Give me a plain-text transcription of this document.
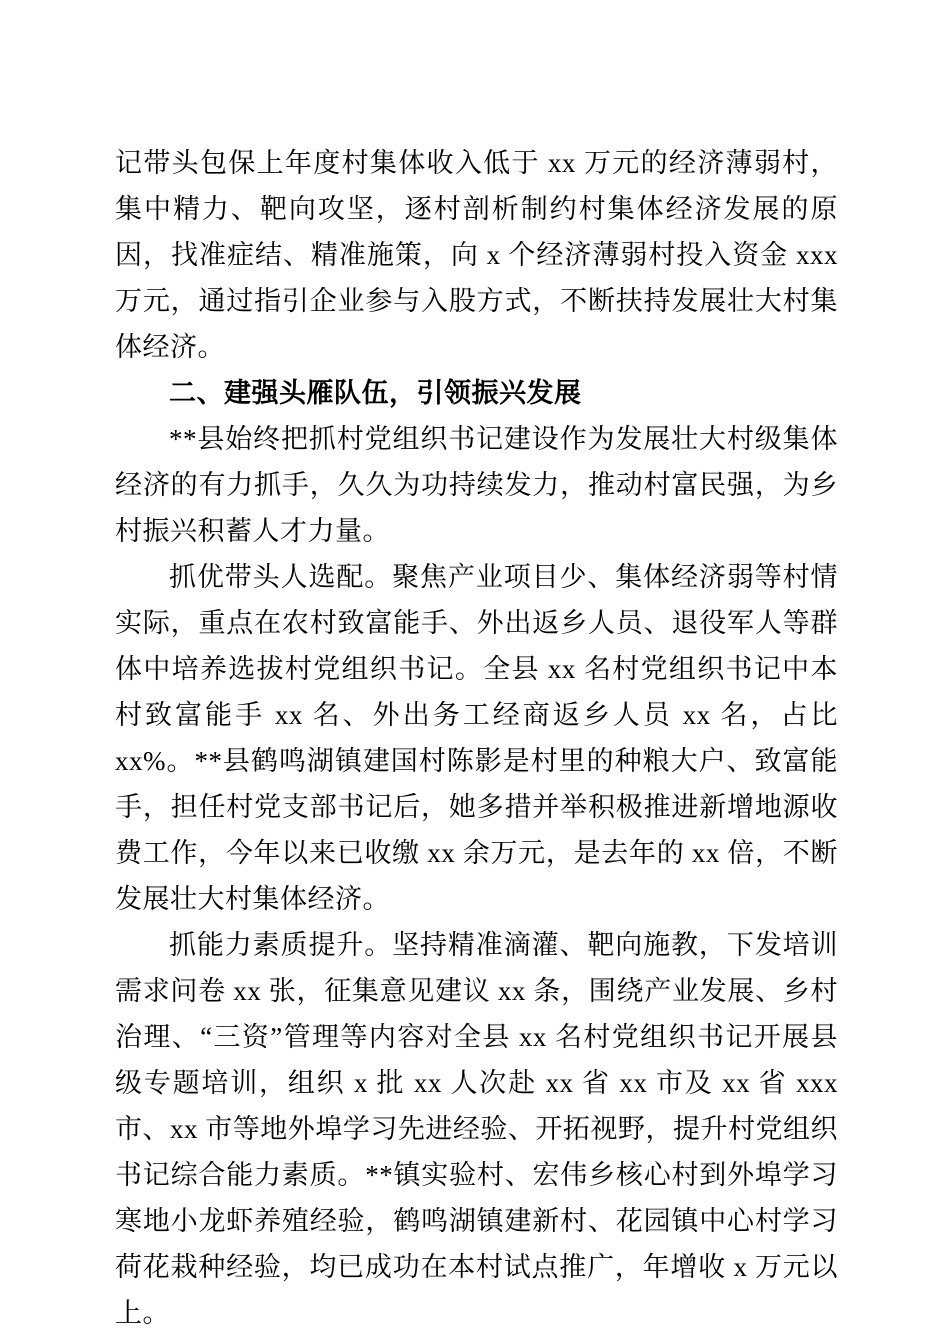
记带头包保上年度村集体收入低于 xx 万元的经济薄弱村，集中精力、靶向攻坚，逐村剖析制约村集体经济发展的原因，找准症结、精准施策，向 x 个经济薄弱村投入资金 xxx 万元，通过指引企业参与入股方式，不断扶持发展壮大村集体经济。

二、建强头雁队伍，引领振兴发展

**县始终把抓村党组织书记建设作为发展壮大村级集体经济的有力抓手，久久为功持续发力，推动村富民强，为乡村振兴积蓄人才力量。

抓优带头人选配。聚焦产业项目少、集体经济弱等村情实际，重点在农村致富能手、外出返乡人员、退役军人等群体中培养选拔村党组织书记。全县 xx 名村党组织书记中本村致富能手 xx 名、外出务工经商返乡人员 xx 名，占比 xx%。**县鹤鸣湖镇建国村陈影是村里的种粮大户、致富能手，担任村党支部书记后，她多措并举积极推进新增地源收费工作，今年以来已收缴 xx 余万元，是去年的 xx 倍，不断发展壮大村集体经济。

抓能力素质提升。坚持精准滴灌、靶向施教，下发培训需求问卷 xx 张，征集意见建议 xx 条，围绕产业发展、乡村治理、“三资”管理等内容对全县 xx 名村党组织书记开展县级专题培训，组织 x 批 xx 人次赴 xx 省 xx 市及 xx 省 xxx 市、xx 市等地外埠学习先进经验、开拓视野，提升村党组织书记综合能力素质。**镇实验村、宏伟乡核心村到外埠学习寒地小龙虾养殖经验，鹤鸣湖镇建新村、花园镇中心村学习荷花栽种经验，均已成功在本村试点推广，年增收 x 万元以上。
